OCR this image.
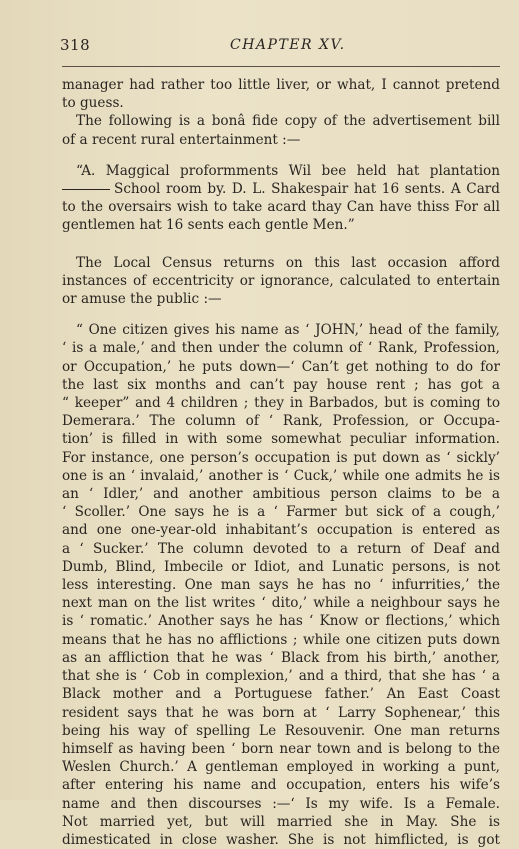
318	CHAPTER XV.

manager had rather too little liver, or what, I cannot pretend
to guess.

The following is a bonâ fide copy of the advertisement bill
of a recent rural entertainment :—

“A. Maggical proformments Wil bee held hat plantation
School room by. D. L. Shakespair hat 16 sents. A Card
to the oversairs wish to take acard thay Can have thiss For all
gentlemen hat 16 sents each gentle Men.”

The Local Census returns on this last occasion afford
instances of eccentricity or ignorance, calculated to entertain
or amuse the public :—

“ One citizen gives his name as ‘ JOHN,’ head of the family,
‘ is a male,’ and then under the column of ‘ Rank, Profession,
or Occupation,’ he puts down—‘ Can’t get nothing to do for
the last six months and can’t pay house rent ; has got a
“ keeper” and 4 children ; they in Barbados, but is coming to
Demerara.’ The column of ‘ Rank, Profession, or Occupa-
tion’ is filled in with some somewhat peculiar information.
For instance, one person’s occupation is put down as ‘ sickly’
one is an ‘ invalaid,’ another is ‘ Cuck,’ while one admits he is
an ‘ Idler,’ and another ambitious person claims to be a
‘ Scoller.’ One says he is a ‘ Farmer but sick of a cough,’
and one one-year-old inhabitant’s occupation is entered as
a ‘ Sucker.’ The column devoted to a return of Deaf and
Dumb, Blind, Imbecile or Idiot, and Lunatic persons, is not
less interesting. One man says he has no ‘ infurrities,’ the
next man on the list writes ‘ dito,’ while a neighbour says he
is ‘ romatic.’ Another says he has ‘ Know or flections,’ which
means that he has no afflictions ; while one citizen puts down
as an affliction that he was ‘ Black from his birth,’ another,
that she is ‘ Cob in complexion,’ and a third, that she has ‘ a
Black mother and a Portuguese father.’ An East Coast
resident says that he was born at ‘ Larry Sophenear,’ this
being his way of spelling Le Resouvenir. One man returns
himself as having been ‘ born near town and is belong to the
Weslen Church.’ A gentleman employed in working a punt,
after entering his name and occupation, enters his wife’s
name and then discourses :—‘ Is my wife. Is a Female.
Not married yet, but will married she in May. She is
dimesticated in close washer. She is not himflicted, is got
